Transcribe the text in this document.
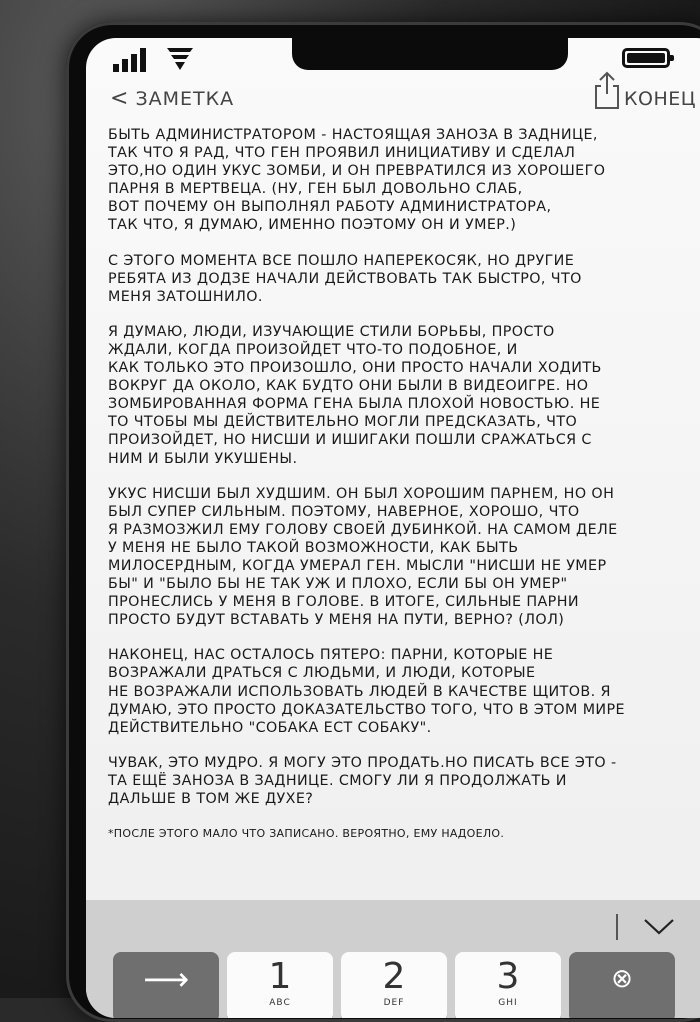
< ЗАМЕТКА	КОНЕЦ

БЫТЬ АДМИНИСТРАТОРОМ - НАСТОЯЩАЯ ЗАНОЗА В ЗАДНИЦЕ,
ТАК ЧТО Я РАД, ЧТО ГЕН ПРОЯВИЛ ИНИЦИАТИВУ И СДЕЛАЛ
ЭТО,НО ОДИН УКУС ЗОМБИ, И ОН ПРЕВРАТИЛСЯ ИЗ ХОРОШЕГО
ПАРНЯ В МЕРТВЕЦА. (НУ, ГЕН БЫЛ ДОВОЛЬНО СЛАБ,
ВОТ ПОЧЕМУ ОН ВЫПОЛНЯЛ РАБОТУ АДМИНИСТРАТОРА,
ТАК ЧТО, Я ДУМАЮ, ИМЕННО ПОЭТОМУ ОН И УМЕР.)

С ЭТОГО МОМЕНТА ВСЕ ПОШЛО НАПЕРЕКОСЯК, НО ДРУГИЕ
РЕБЯТА ИЗ ДОДЗЕ НАЧАЛИ ДЕЙСТВОВАТЬ ТАК БЫСТРО, ЧТО
МЕНЯ ЗАТОШНИЛО.

Я ДУМАЮ, ЛЮДИ, ИЗУЧАЮЩИЕ СТИЛИ БОРЬБЫ, ПРОСТО
ЖДАЛИ, КОГДА ПРОИЗОЙДЕТ ЧТО-ТО ПОДОБНОЕ, И
КАК ТОЛЬКО ЭТО ПРОИЗОШЛО, ОНИ ПРОСТО НАЧАЛИ ХОДИТЬ
ВОКРУГ ДА ОКОЛО, КАК БУДТО ОНИ БЫЛИ В ВИДЕОИГРЕ. НО
ЗОМБИРОВАННАЯ ФОРМА ГЕНА БЫЛА ПЛОХОЙ НОВОСТЬЮ. НЕ
ТО ЧТОБЫ МЫ ДЕЙСТВИТЕЛЬНО МОГЛИ ПРЕДСКАЗАТЬ, ЧТО
ПРОИЗОЙДЕТ, НО НИСШИ И ИШИГАКИ ПОШЛИ СРАЖАТЬСЯ С
НИМ И БЫЛИ УКУШЕНЫ.

УКУС НИСШИ БЫЛ ХУДШИМ. ОН БЫЛ ХОРОШИМ ПАРНЕМ, НО ОН
БЫЛ СУПЕР СИЛЬНЫМ. ПОЭТОМУ, НАВЕРНОЕ, ХОРОШО, ЧТО
Я РАЗМОЗЖИЛ ЕМУ ГОЛОВУ СВОЕЙ ДУБИНКОЙ. НА САМОМ ДЕЛЕ
У МЕНЯ НЕ БЫЛО ТАКОЙ ВОЗМОЖНОСТИ, КАК БЫТЬ
МИЛОСЕРДНЫМ, КОГДА УМЕРАЛ ГЕН. МЫСЛИ "НИСШИ НЕ УМЕР
БЫ" И "БЫЛО БЫ НЕ ТАК УЖ И ПЛОХО, ЕСЛИ БЫ ОН УМЕР"
ПРОНЕСЛИСЬ У МЕНЯ В ГОЛОВЕ. В ИТОГЕ, СИЛЬНЫЕ ПАРНИ
ПРОСТО БУДУТ ВСТАВАТЬ У МЕНЯ НА ПУТИ, ВЕРНО? (ЛОЛ)

НАКОНЕЦ, НАС ОСТАЛОСЬ ПЯТЕРО: ПАРНИ, КОТОРЫЕ НЕ
ВОЗРАЖАЛИ ДРАТЬСЯ С ЛЮДЬМИ, И ЛЮДИ, КОТОРЫЕ
НЕ ВОЗРАЖАЛИ ИСПОЛЬЗОВАТЬ ЛЮДЕЙ В КАЧЕСТВЕ ЩИТОВ. Я
ДУМАЮ, ЭТО ПРОСТО ДОКАЗАТЕЛЬСТВО ТОГО, ЧТО В ЭТОМ МИРЕ
ДЕЙСТВИТЕЛЬНО "СОБАКА ЕСТ СОБАКУ".

ЧУВАК, ЭТО МУДРО. Я МОГУ ЭТО ПРОДАТЬ.НО ПИСАТЬ ВСЕ ЭТО -
ТА ЕЩЁ ЗАНОЗА В ЗАДНИЦЕ. СМОГУ ЛИ Я ПРОДОЛЖАТЬ И
ДАЛЬШЕ В ТОМ ЖЕ ДУХЕ?

*ПОСЛЕ ЭТОГО МАЛО ЧТО ЗАПИСАНО. ВЕРОЯТНО, ЕМУ НАДОЕЛО.

⟶	1
ABC
2
DEF
3
GHI
⊗
